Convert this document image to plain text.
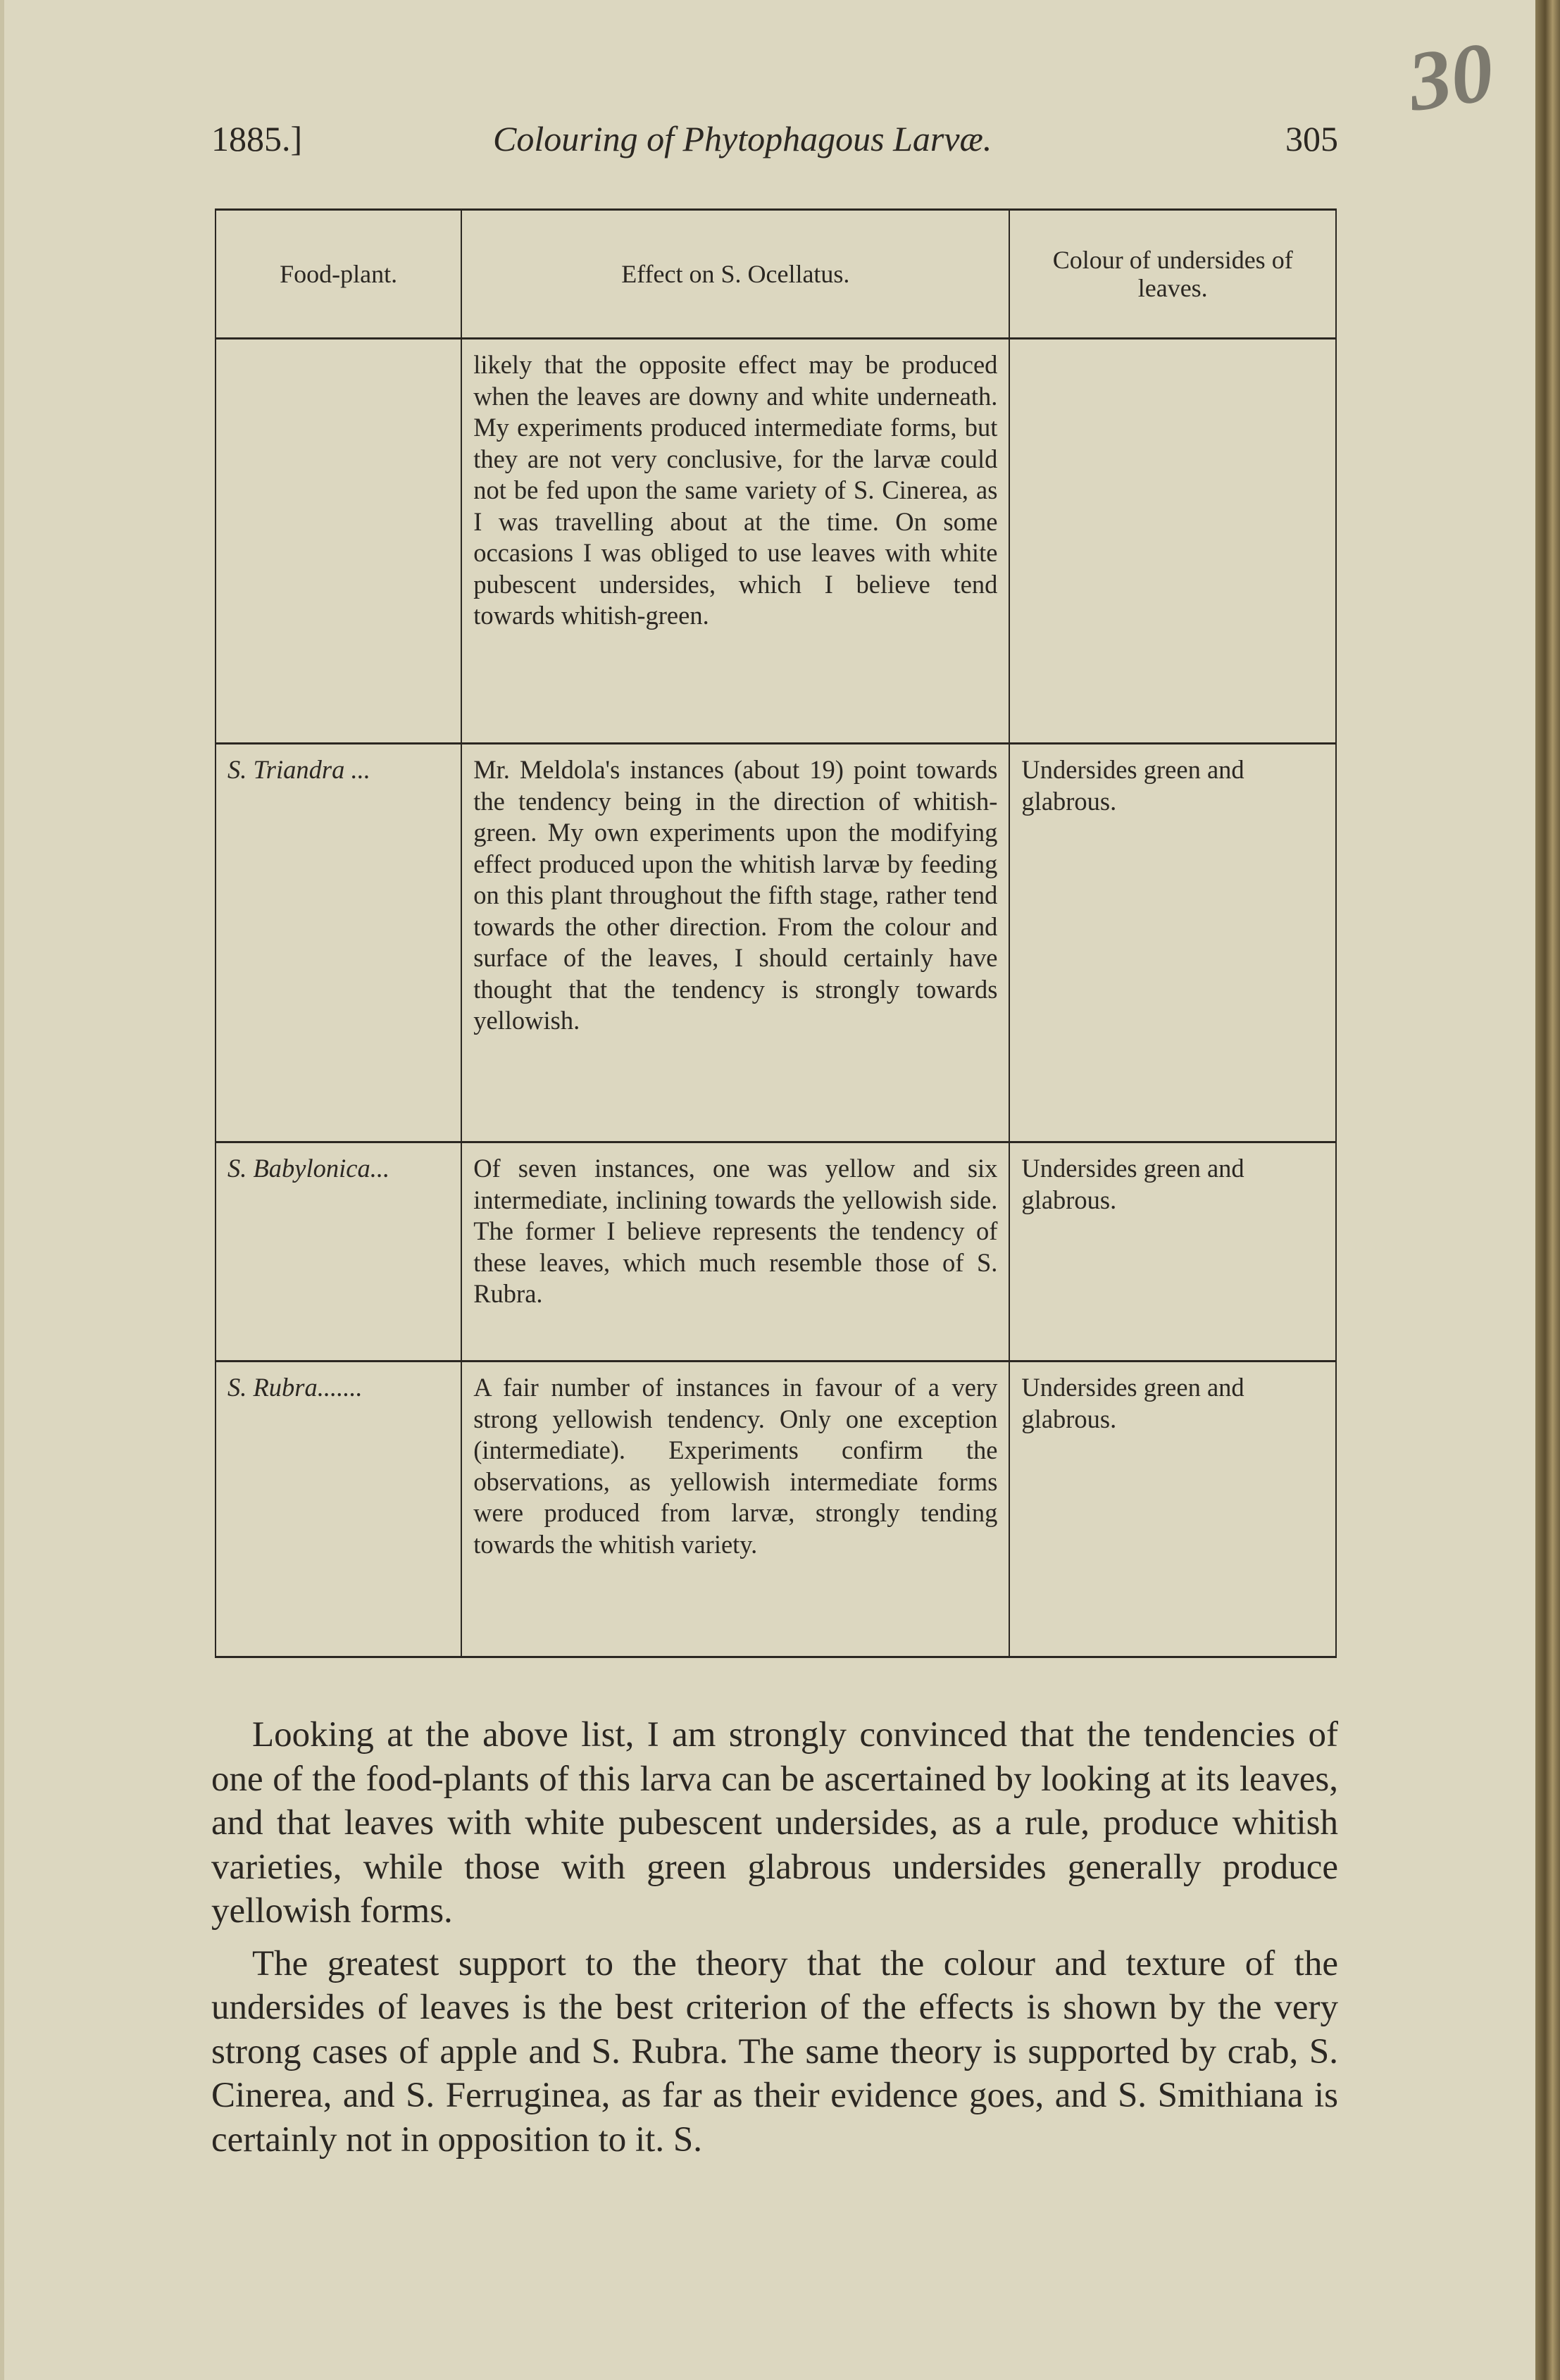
30
1885.]	Colouring of Phytophagous Larvæ.	305
Food-plant.	Effect on S. Ocellatus.	Colour of undersides of leaves.
	likely that the opposite effect may be produced when the leaves are downy and white underneath. My experiments produced intermediate forms, but they are not very conclusive, for the larvæ could not be fed upon the same variety of S. Cinerea, as I was travelling about at the time. On some occasions I was obliged to use leaves with white pubescent undersides, which I believe tend towards whitish-green.	
S. Triandra ...	Mr. Meldola's instances (about 19) point towards the tendency being in the direction of whitish-green. My own experiments upon the modifying effect produced upon the whitish larvæ by feeding on this plant throughout the fifth stage, rather tend towards the other direction. From the colour and surface of the leaves, I should certainly have thought that the tendency is strongly towards yellowish.	Undersides green and glabrous.
S. Babylonica...	Of seven instances, one was yellow and six intermediate, inclining towards the yellowish side. The former I believe represents the tendency of these leaves, which much resemble those of S. Rubra.	Undersides green and glabrous.
S. Rubra.......	A fair number of instances in favour of a very strong yellowish tendency. Only one exception (intermediate). Experiments confirm the observations, as yellowish intermediate forms were produced from larvæ, strongly tending towards the whitish variety.	Undersides green and glabrous.

Looking at the above list, I am strongly convinced that the tendencies of one of the food-plants of this larva can be ascertained by looking at its leaves, and that leaves with white pubescent undersides, as a rule, produce whitish varieties, while those with green glabrous undersides generally produce yellowish forms.

The greatest support to the theory that the colour and texture of the undersides of leaves is the best criterion of the effects is shown by the very strong cases of apple and S. Rubra. The same theory is supported by crab, S. Cinerea, and S. Ferruginea, as far as their evidence goes, and S. Smithiana is certainly not in opposition to it. S.
